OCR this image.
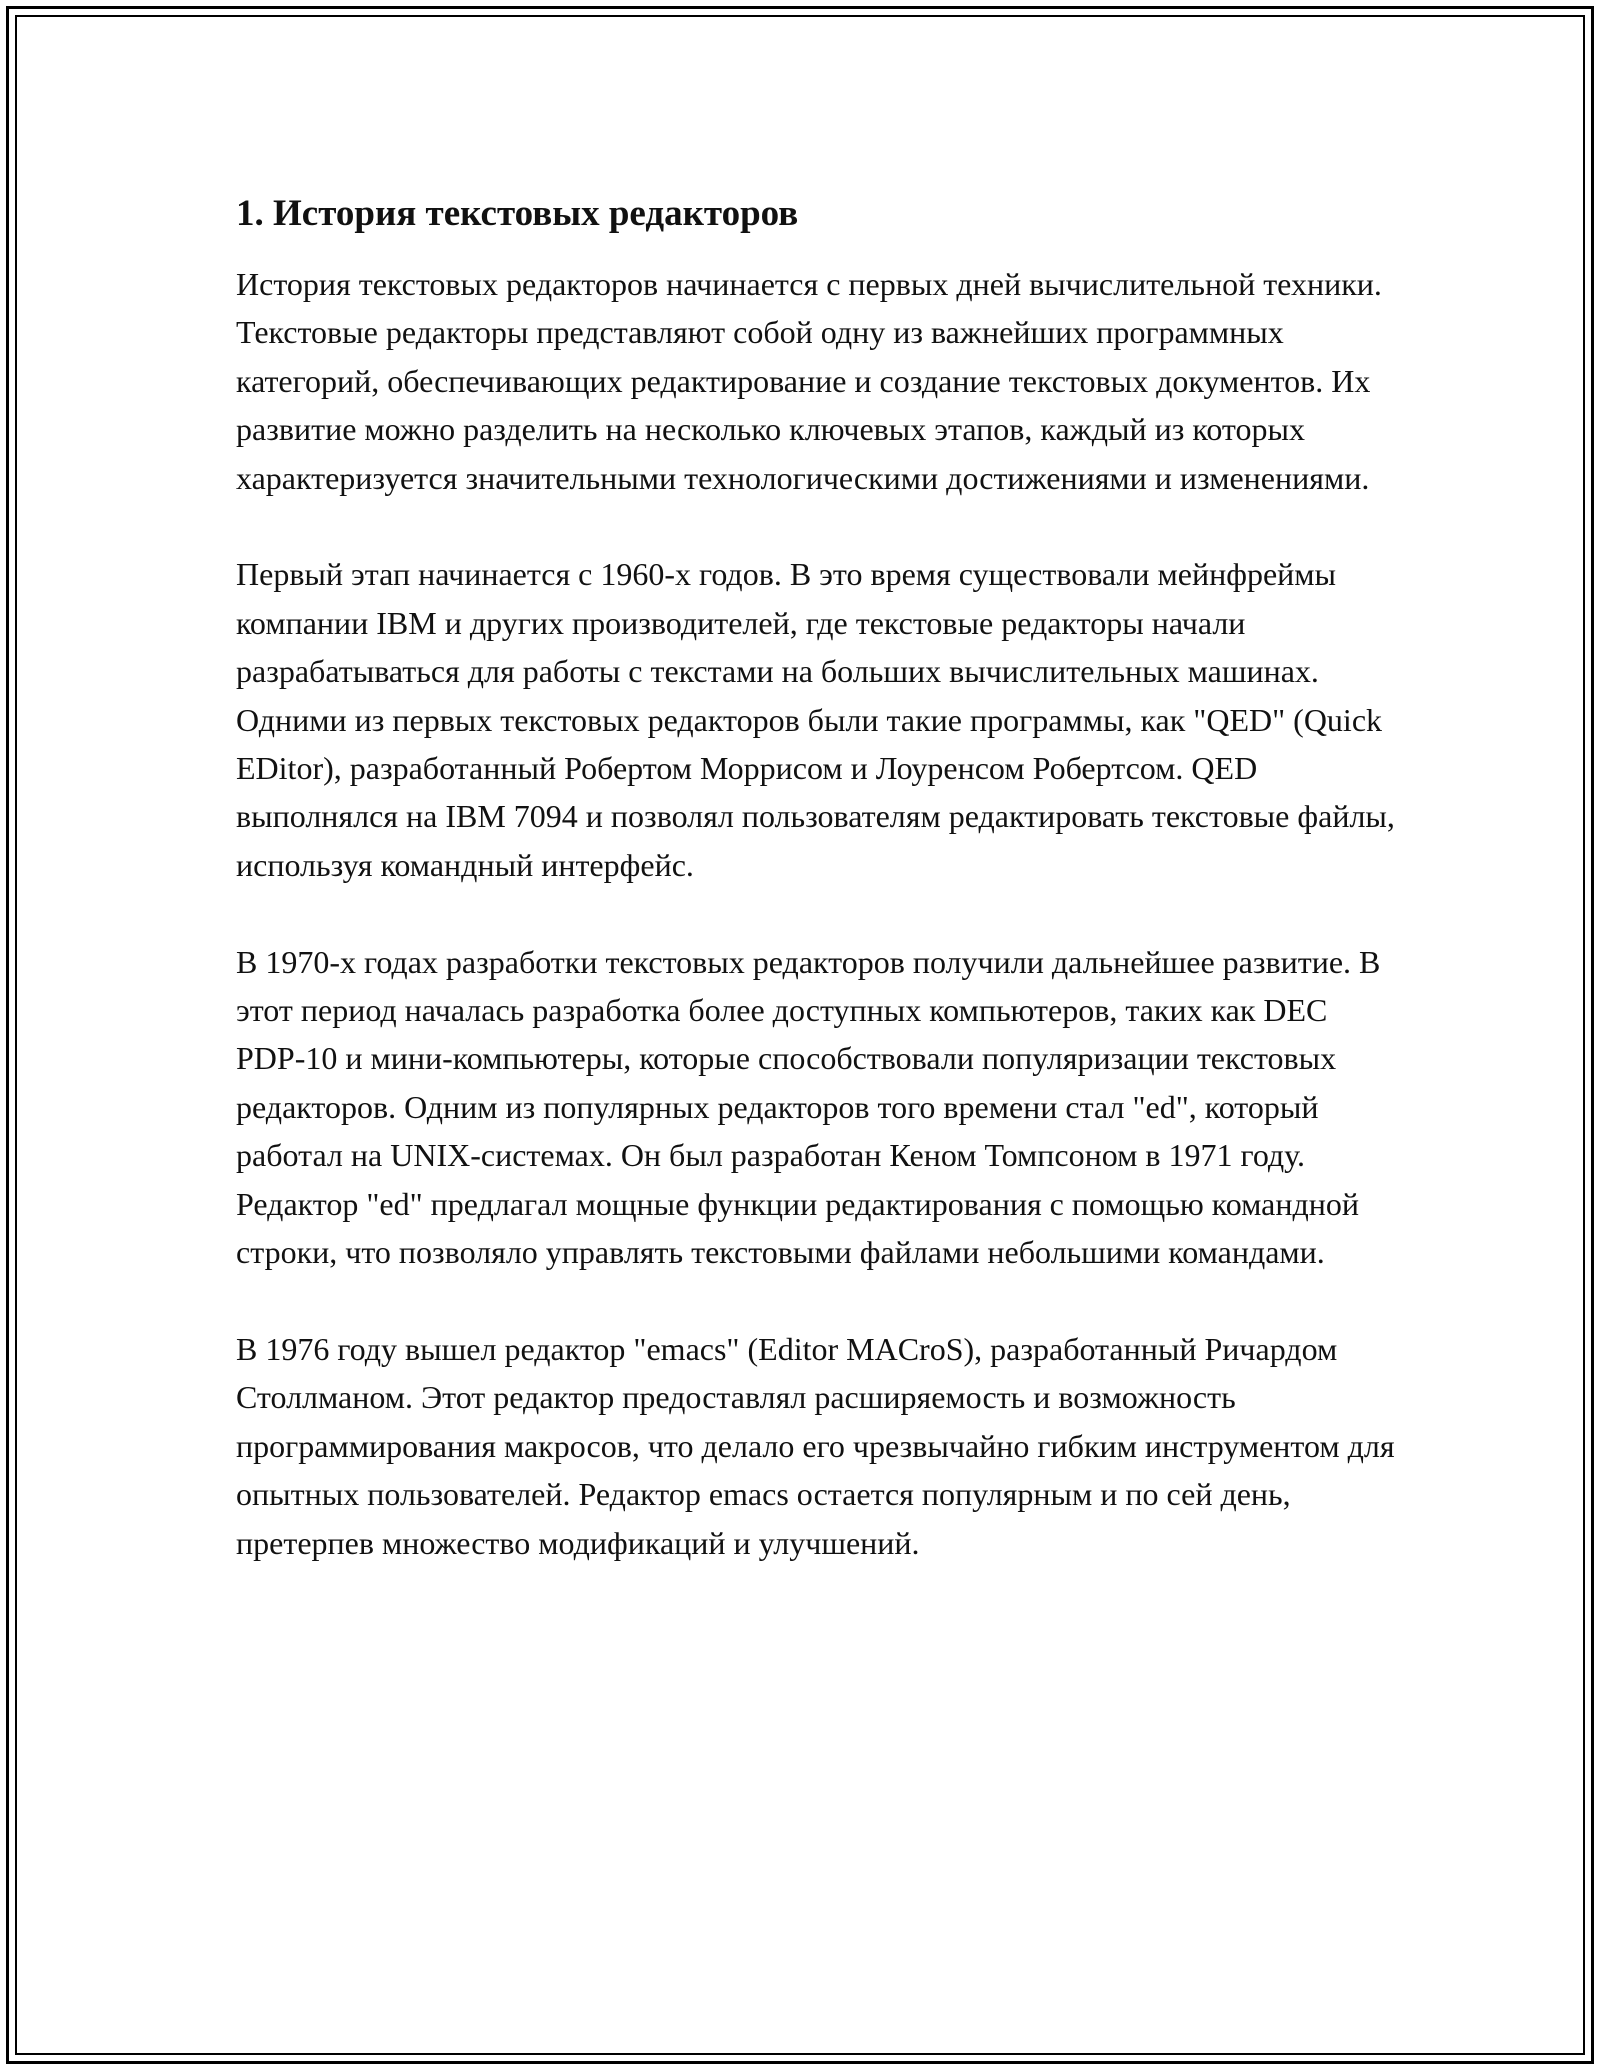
1. История текстовых редакторов

История текстовых редакторов начинается с первых дней вычислительной техники. Текстовые редакторы представляют собой одну из важнейших программных категорий, обеспечивающих редактирование и создание текстовых документов. Их развитие можно разделить на несколько ключевых этапов, каждый из которых характеризуется значительными технологическими достижениями и изменениями.

Первый этап начинается с 1960-х годов. В это время существовали мейнфреймы компании IBM и других производителей, где текстовые редакторы начали разрабатываться для работы с текстами на больших вычислительных машинах. Одними из первых текстовых редакторов были такие программы, как "QED" (Quick EDitor), разработанный Робертом Моррисом и Лоуренсом Робертсом. QED выполнялся на IBM 7094 и позволял пользователям редактировать текстовые файлы, используя командный интерфейс.

В 1970-х годах разработки текстовых редакторов получили дальнейшее развитие. В этот период началась разработка более доступных компьютеров, таких как DEC PDP-10 и мини-компьютеры, которые способствовали популяризации текстовых редакторов. Одним из популярных редакторов того времени стал "ed", который работал на UNIX-системах. Он был разработан Кеном Томпсоном в 1971 году. Редактор "ed" предлагал мощные функции редактирования с помощью командной строки, что позволяло управлять текстовыми файлами небольшими командами.

В 1976 году вышел редактор "emacs" (Editor MACroS), разработанный Ричардом Столлманом. Этот редактор предоставлял расширяемость и возможность программирования макросов, что делало его чрезвычайно гибким инструментом для опытных пользователей. Редактор emacs остается популярным и по сей день, претерпев множество модификаций и улучшений.
